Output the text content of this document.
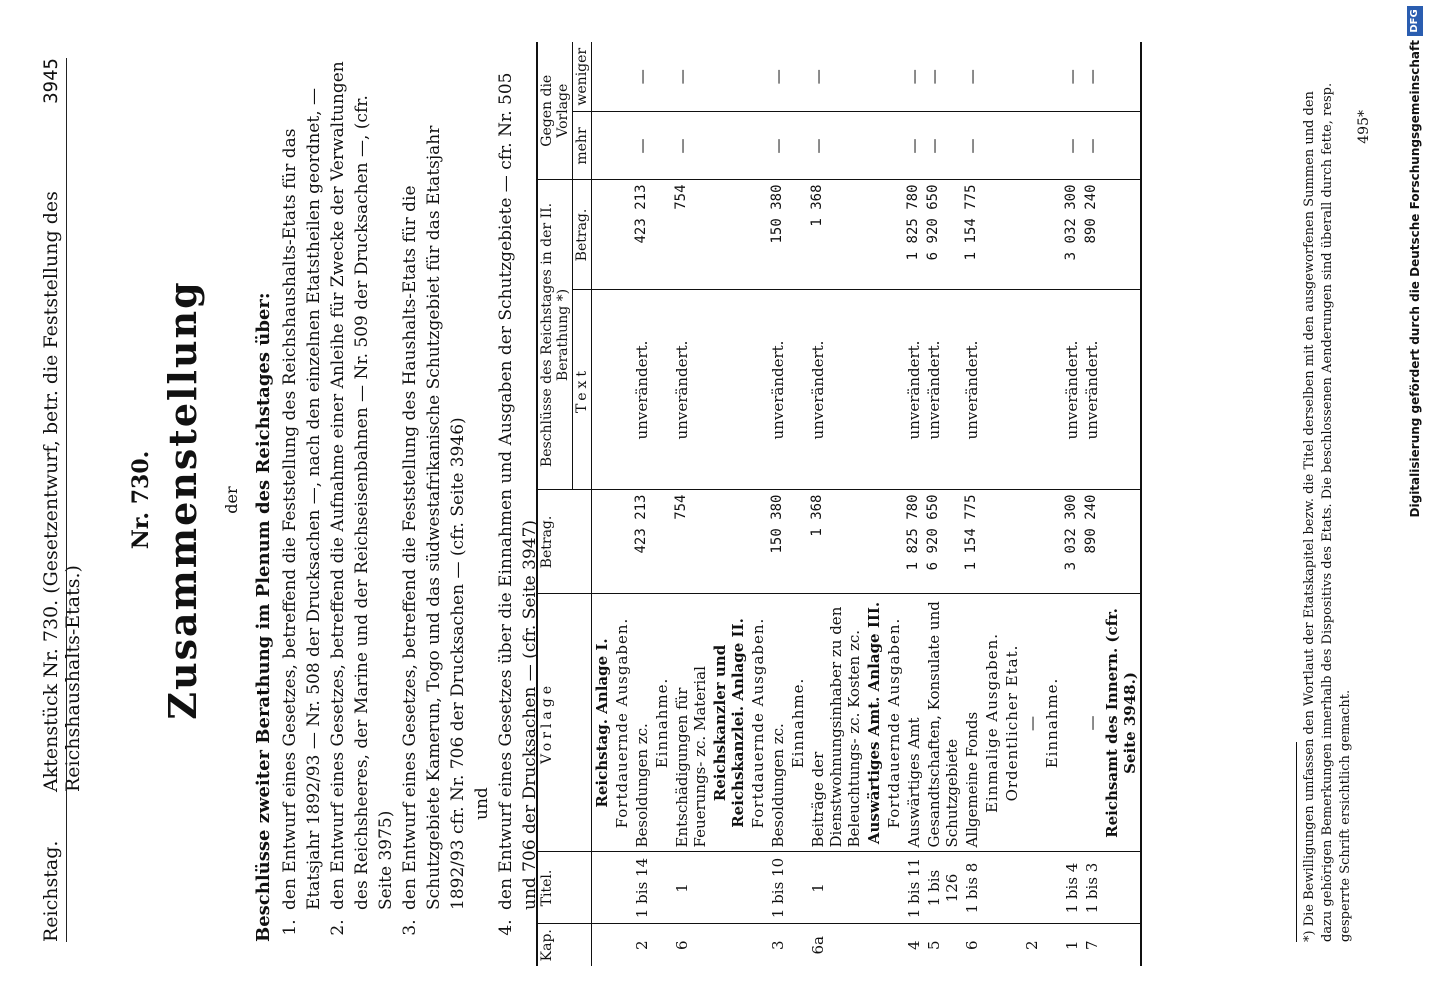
Reichstag.
Aktenstück Nr. 730. (Gesetzentwurf, betr. die Feststellung des Reichshaushalts-Etats.)
3945
Nr. 730. Zusammenstellung der Beschlüsse zweiter Berathung im Plenum des Reichstages über: 1. den Entwurf eines Gesetzes, betreffend die Feststellung des Reichshaushalts-Etats für das Etatsjahr 1892/93 — Nr. 508 der Drucksachen —, nach den einzelnen Etatstheilen geordnet, — 2. den Entwurf eines Gesetzes, betreffend die Aufnahme einer Anleihe für Zwecke der Verwaltungen des Reichsheeres, der Marine und der Reichseisenbahnen — Nr. 509 der Drucksachen —, (cfr. Seite 3975) 3. den Entwurf eines Gesetzes, betreffend die Feststellung des Haushalts-Etats für die Schutzgebiete Kamerun, Togo und das südwestafrikanische Schutzgebiet für das Etatsjahr 1892/93 cfr. Nr. 706 der Drucksachen — (cfr. Seite 3946) und 4. den Entwurf eines Gesetzes über die Einnahmen und Ausgaben der Schutzgebiete — cfr. Nr. 505 und 706 der Drucksachen — (cfr. Seite 3947)
Kap.	Titel.	Vorlage	Betrag.	Beschlüsse des Reichstages in der II. Berathung *)		Gegen die Vorlage	
				Text	Betrag.	mehr	weniger
		Reichstag. Anlage I.					
		Fortdauernde Ausgaben.					
2	1 bis 14	Besoldungen zc.	423 213	unverändert.	423 213	—	—
		Einnahme.					
6	1	Entschädigungen für Feuerungs- zc. Material	754	unverändert.	754	—	—
		Reichskanzler und Reichskanzlei. Anlage II.					
		Fortdauernde Ausgaben.					
3	1 bis 10	Besoldungen zc.	150 380	unverändert.	150 380	—	—
		Einnahme.					
6a	1	Beiträge der Dienstwohnungsinhaber zu den Beleuchtungs- zc. Kosten zc.	1 368	unverändert.	1 368	—	—
		Auswärtiges Amt. Anlage III.					
		Fortdauernde Ausgaben.					
4	1 bis 11	Auswärtiges Amt	1 825 780	unverändert.	1 825 780	—	—
5	1 bis 126	Gesandtschaften, Konsulate und Schutzgebiete	6 920 650	unverändert.	6 920 650	—	—
6	1 bis 8	Allgemeine Fonds	1 154 775	unverändert.	1 154 775	—	—
		Einmalige Ausgaben.					
		Ordentlicher Etat.					
2		—					
		Einnahme.					
1	1 bis 4		3 032 300	unverändert.	3 032 300	—	—
7	1 bis 3	—	890 240	unverändert.	890 240	—	—
		Reichsamt des Innern. (cfr. Seite 3948.)						*) Die Bewilligungen umfassen den Wortlaut der Etatskapitel bezw. die Titel derselben mit den ausgeworfenen Summen und den dazu gehörigen Bemerkungen innerhalb des Dispositivs des Etats. Die beschlossenen Aenderungen sind überall durch fette, resp. gesperrte Schrift ersichtlich gemacht.
495*	Digitalisierung gefördert durch die Deutsche Forschungsgemeinschaft
DFG
